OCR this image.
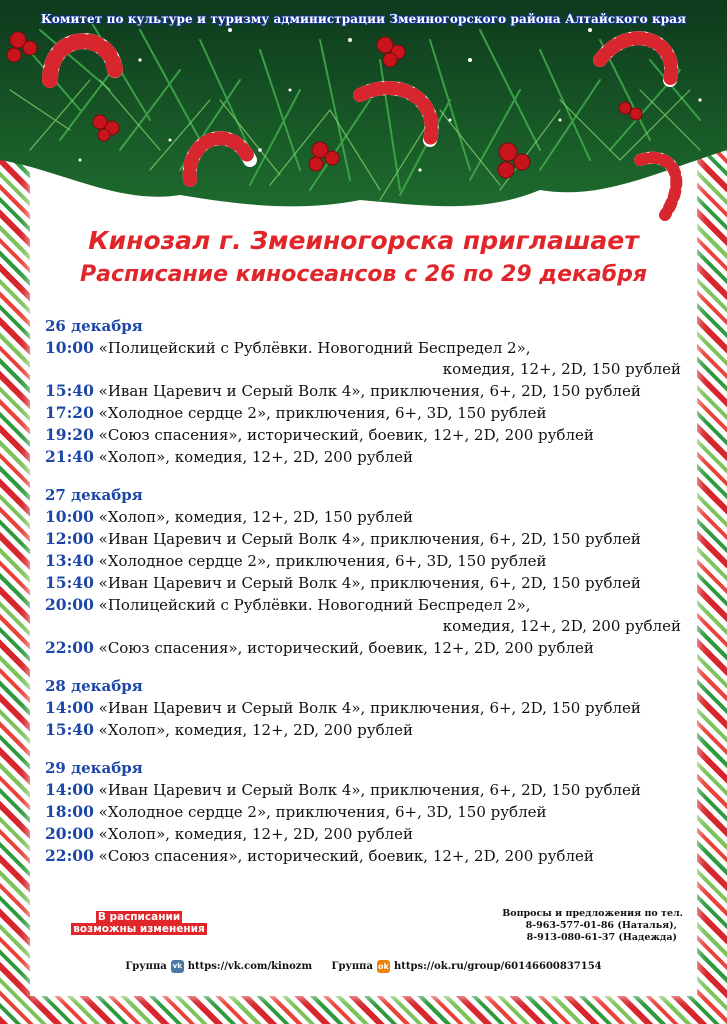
Комитет по культуре и туризму администрации Змеиногорского района Алтайского края
Кинозал г. Змеиногорска приглашает
Расписание киносеансов с 26 по 29 декабря
26 декабря
10:00 «Полицейский с Рублёвки. Новогодний Беспредел 2»,
комедия, 12+, 2D, 150 рублей
15:40 «Иван Царевич и Серый Волк 4», приключения, 6+, 2D, 150 рублей
17:20 «Холодное сердце 2», приключения, 6+, 3D, 150 рублей
19:20 «Союз спасения», исторический, боевик, 12+, 2D, 200 рублей
21:40 «Холоп», комедия, 12+, 2D, 200 рублей
27 декабря
10:00 «Холоп», комедия, 12+, 2D, 150 рублей
12:00 «Иван Царевич и Серый Волк 4», приключения, 6+, 2D, 150 рублей
13:40 «Холодное сердце 2», приключения, 6+, 3D, 150 рублей
15:40 «Иван Царевич и Серый Волк 4», приключения, 6+, 2D, 150 рублей
20:00 «Полицейский с Рублёвки. Новогодний Беспредел 2»,
комедия, 12+, 2D, 200 рублей
22:00 «Союз спасения», исторический, боевик, 12+, 2D, 200 рублей
28 декабря
14:00 «Иван Царевич и Серый Волк 4», приключения, 6+, 2D, 150 рублей
15:40 «Холоп», комедия, 12+, 2D, 200 рублей
29 декабря
14:00 «Иван Царевич и Серый Волк 4», приключения, 6+, 2D, 150 рублей
18:00 «Холодное сердце 2», приключения, 6+, 3D, 150 рублей
20:00 «Холоп», комедия, 12+, 2D, 200 рублей
22:00 «Союз спасения», исторический, боевик, 12+, 2D, 200 рублей
В расписании
возможны изменения
Вопросы и предложения по тел.
8-963-577-01-86 (Наталья),
8-913-080-61-37 (Надежда)
Группа vk https://vk.com/kinozm
Группа ok https://ok.ru/group/60146600837154
